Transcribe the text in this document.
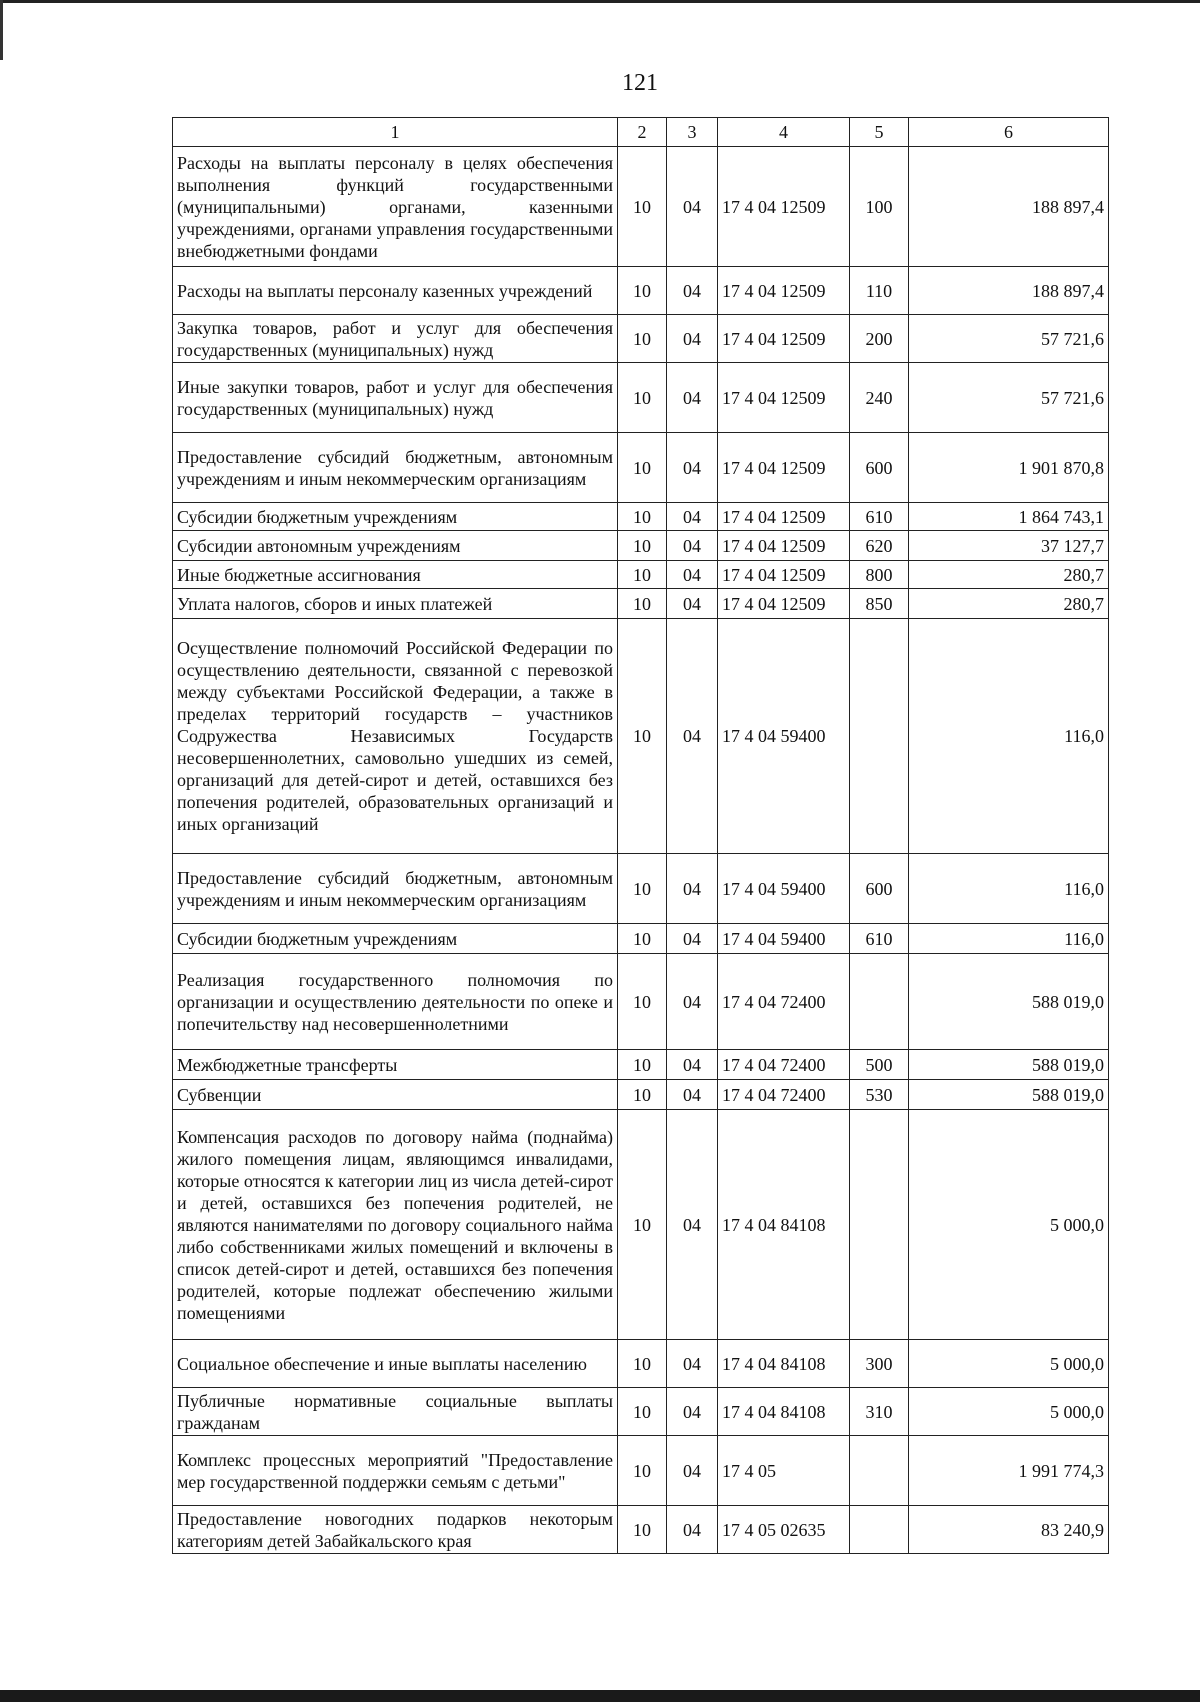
121
1	2	3	4	5	6
Расходы на выплаты персоналу в целях обеспечения выполнения функций государственными (муниципальными) органами, казенными учреждениями, органами управления государственными внебюджетными фондами	10	04	17 4 04 12509	100	188 897,4
Расходы на выплаты персоналу казенных учреждений	10	04	17 4 04 12509	110	188 897,4
Закупка товаров, работ и услуг для обеспечения государственных (муниципальных) нужд	10	04	17 4 04 12509	200	57 721,6
Иные закупки товаров, работ и услуг для обеспечения государственных (муниципальных) нужд	10	04	17 4 04 12509	240	57 721,6
Предоставление субсидий бюджетным, автономным учреждениям и иным некоммерческим организациям	10	04	17 4 04 12509	600	1 901 870,8
Субсидии бюджетным учреждениям	10	04	17 4 04 12509	610	1 864 743,1
Субсидии автономным учреждениям	10	04	17 4 04 12509	620	37 127,7
Иные бюджетные ассигнования	10	04	17 4 04 12509	800	280,7
Уплата налогов, сборов и иных платежей	10	04	17 4 04 12509	850	280,7
Осуществление полномочий Российской Федерации по осуществлению деятельности, связанной с перевозкой между субъектами Российской Федерации, а также в пределах территорий государств – участников Содружества Независимых Государств несовершеннолетних, самовольно ушедших из семей, организаций для детей-сирот и детей, оставшихся без попечения родителей, образовательных организаций и иных организаций	10	04	17 4 04 59400		116,0
Предоставление субсидий бюджетным, автономным учреждениям и иным некоммерческим организациям	10	04	17 4 04 59400	600	116,0
Субсидии бюджетным учреждениям	10	04	17 4 04 59400	610	116,0
Реализация государственного полномочия по организации и осуществлению деятельности по опеке и попечительству над несовершеннолетними	10	04	17 4 04 72400		588 019,0
Межбюджетные трансферты	10	04	17 4 04 72400	500	588 019,0
Субвенции	10	04	17 4 04 72400	530	588 019,0
Компенсация расходов по договору найма (поднайма) жилого помещения лицам, являющимся инвалидами, которые относятся к категории лиц из числа детей-сирот и детей, оставшихся без попечения родителей, не являются нанимателями по договору социального найма либо собственниками жилых помещений и включены в список детей-сирот и детей, оставшихся без попечения родителей, которые подлежат обеспечению жилыми помещениями	10	04	17 4 04 84108		5 000,0
Социальное обеспечение и иные выплаты населению	10	04	17 4 04 84108	300	5 000,0
Публичные нормативные социальные выплаты гражданам	10	04	17 4 04 84108	310	5 000,0
Комплекс процессных мероприятий "Предоставление мер государственной поддержки семьям с детьми"	10	04	17 4 05		1 991 774,3
Предоставление новогодних подарков некоторым категориям детей Забайкальского края	10	04	17 4 05 02635		83 240,9
